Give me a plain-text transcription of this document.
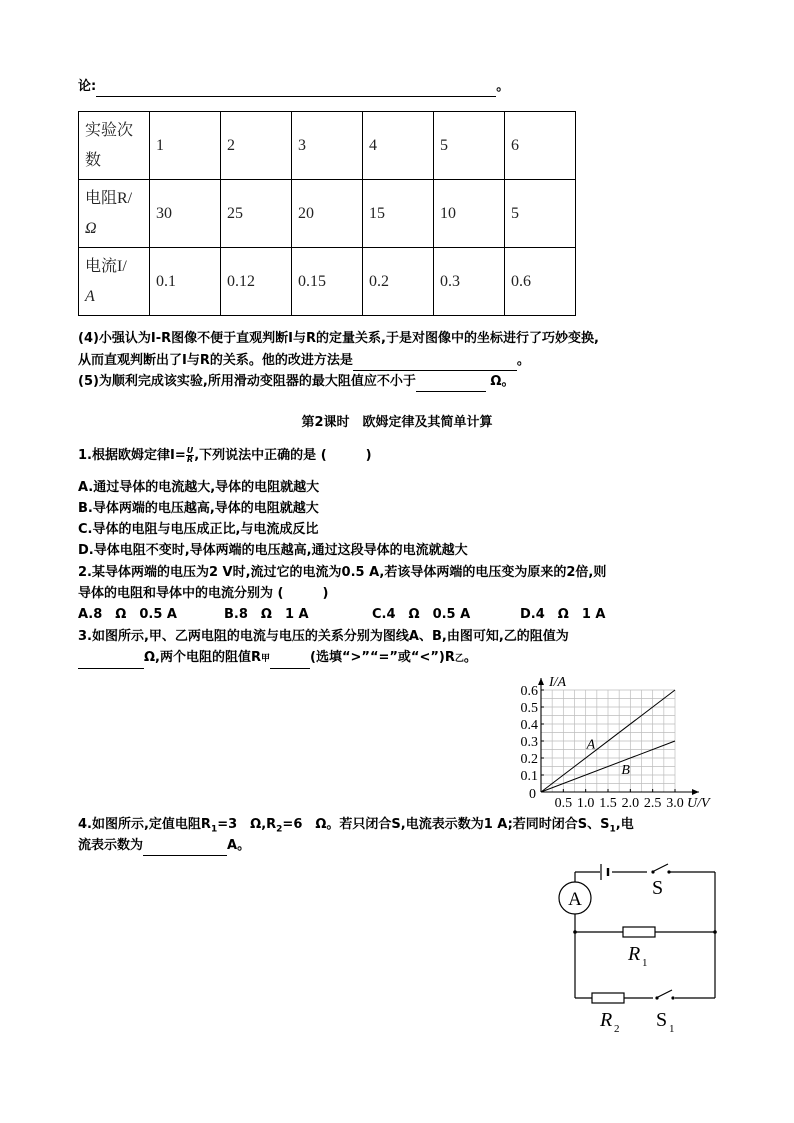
论:	。
实验次
数	1	2	3	4	5	6

电阻R/
Ω	30	25	20	15	10	5

电流I/
A	0.1	0.12	0.15	0.2	0.3	0.6
(4)小强认为I-R图像不便于直观判断I与R的定量关系,于是对图像中的坐标进行了巧妙变换,
从而直观判断出了I与R的关系。他的改进方法是	。
(5)为顺利完成该实验,所用滑动变阻器的最大阻值应不小于	Ω。
第2课时　欧姆定律及其简单计算
1.根据欧姆定律$I= \frac{U}{R}$ ,下列说法中正确的是 (　　　)
A.通过导体的电流越大,导体的电阻就越大
B.导体两端的电压越高,导体的电阻就越大
C.导体的电阻与电压成正比,与电流成反比
D.导体电阻不变时,导体两端的电压越高,通过这段导体的电流就越大
2.某导体两端的电压为2 V时,流过它的电流为0.5 A,若该导体两端的电压变为原来的2倍,则
导体的电阻和导体中的电流分别为 (　　　)
A.8　Ω　0.5 A	B.8　Ω　1 A	C.4　Ω　0.5 A	D.4　Ω　1 A
3.如图所示,甲、乙两电阻的电流与电压的关系分别为图线A、B,由图可知,乙的阻值为
Ω,两个电阻的阻值R甲	(选填“>”“=”或“<”)R乙。
0.1
0.2
0.3
0.4
0.5
0.6
0.5 1.0 1.5 2.0 2.5 3.0
0
U/V
I/A
A
B
4.如图所示,定值电阻$R_1=3$　$\Omega,R_2=6$　Ω。若只闭合S,电流表示数为1 A;若同时闭合S、$S_1$,电
流表示数为	A。
A
R 1
R 2
S
S 1
